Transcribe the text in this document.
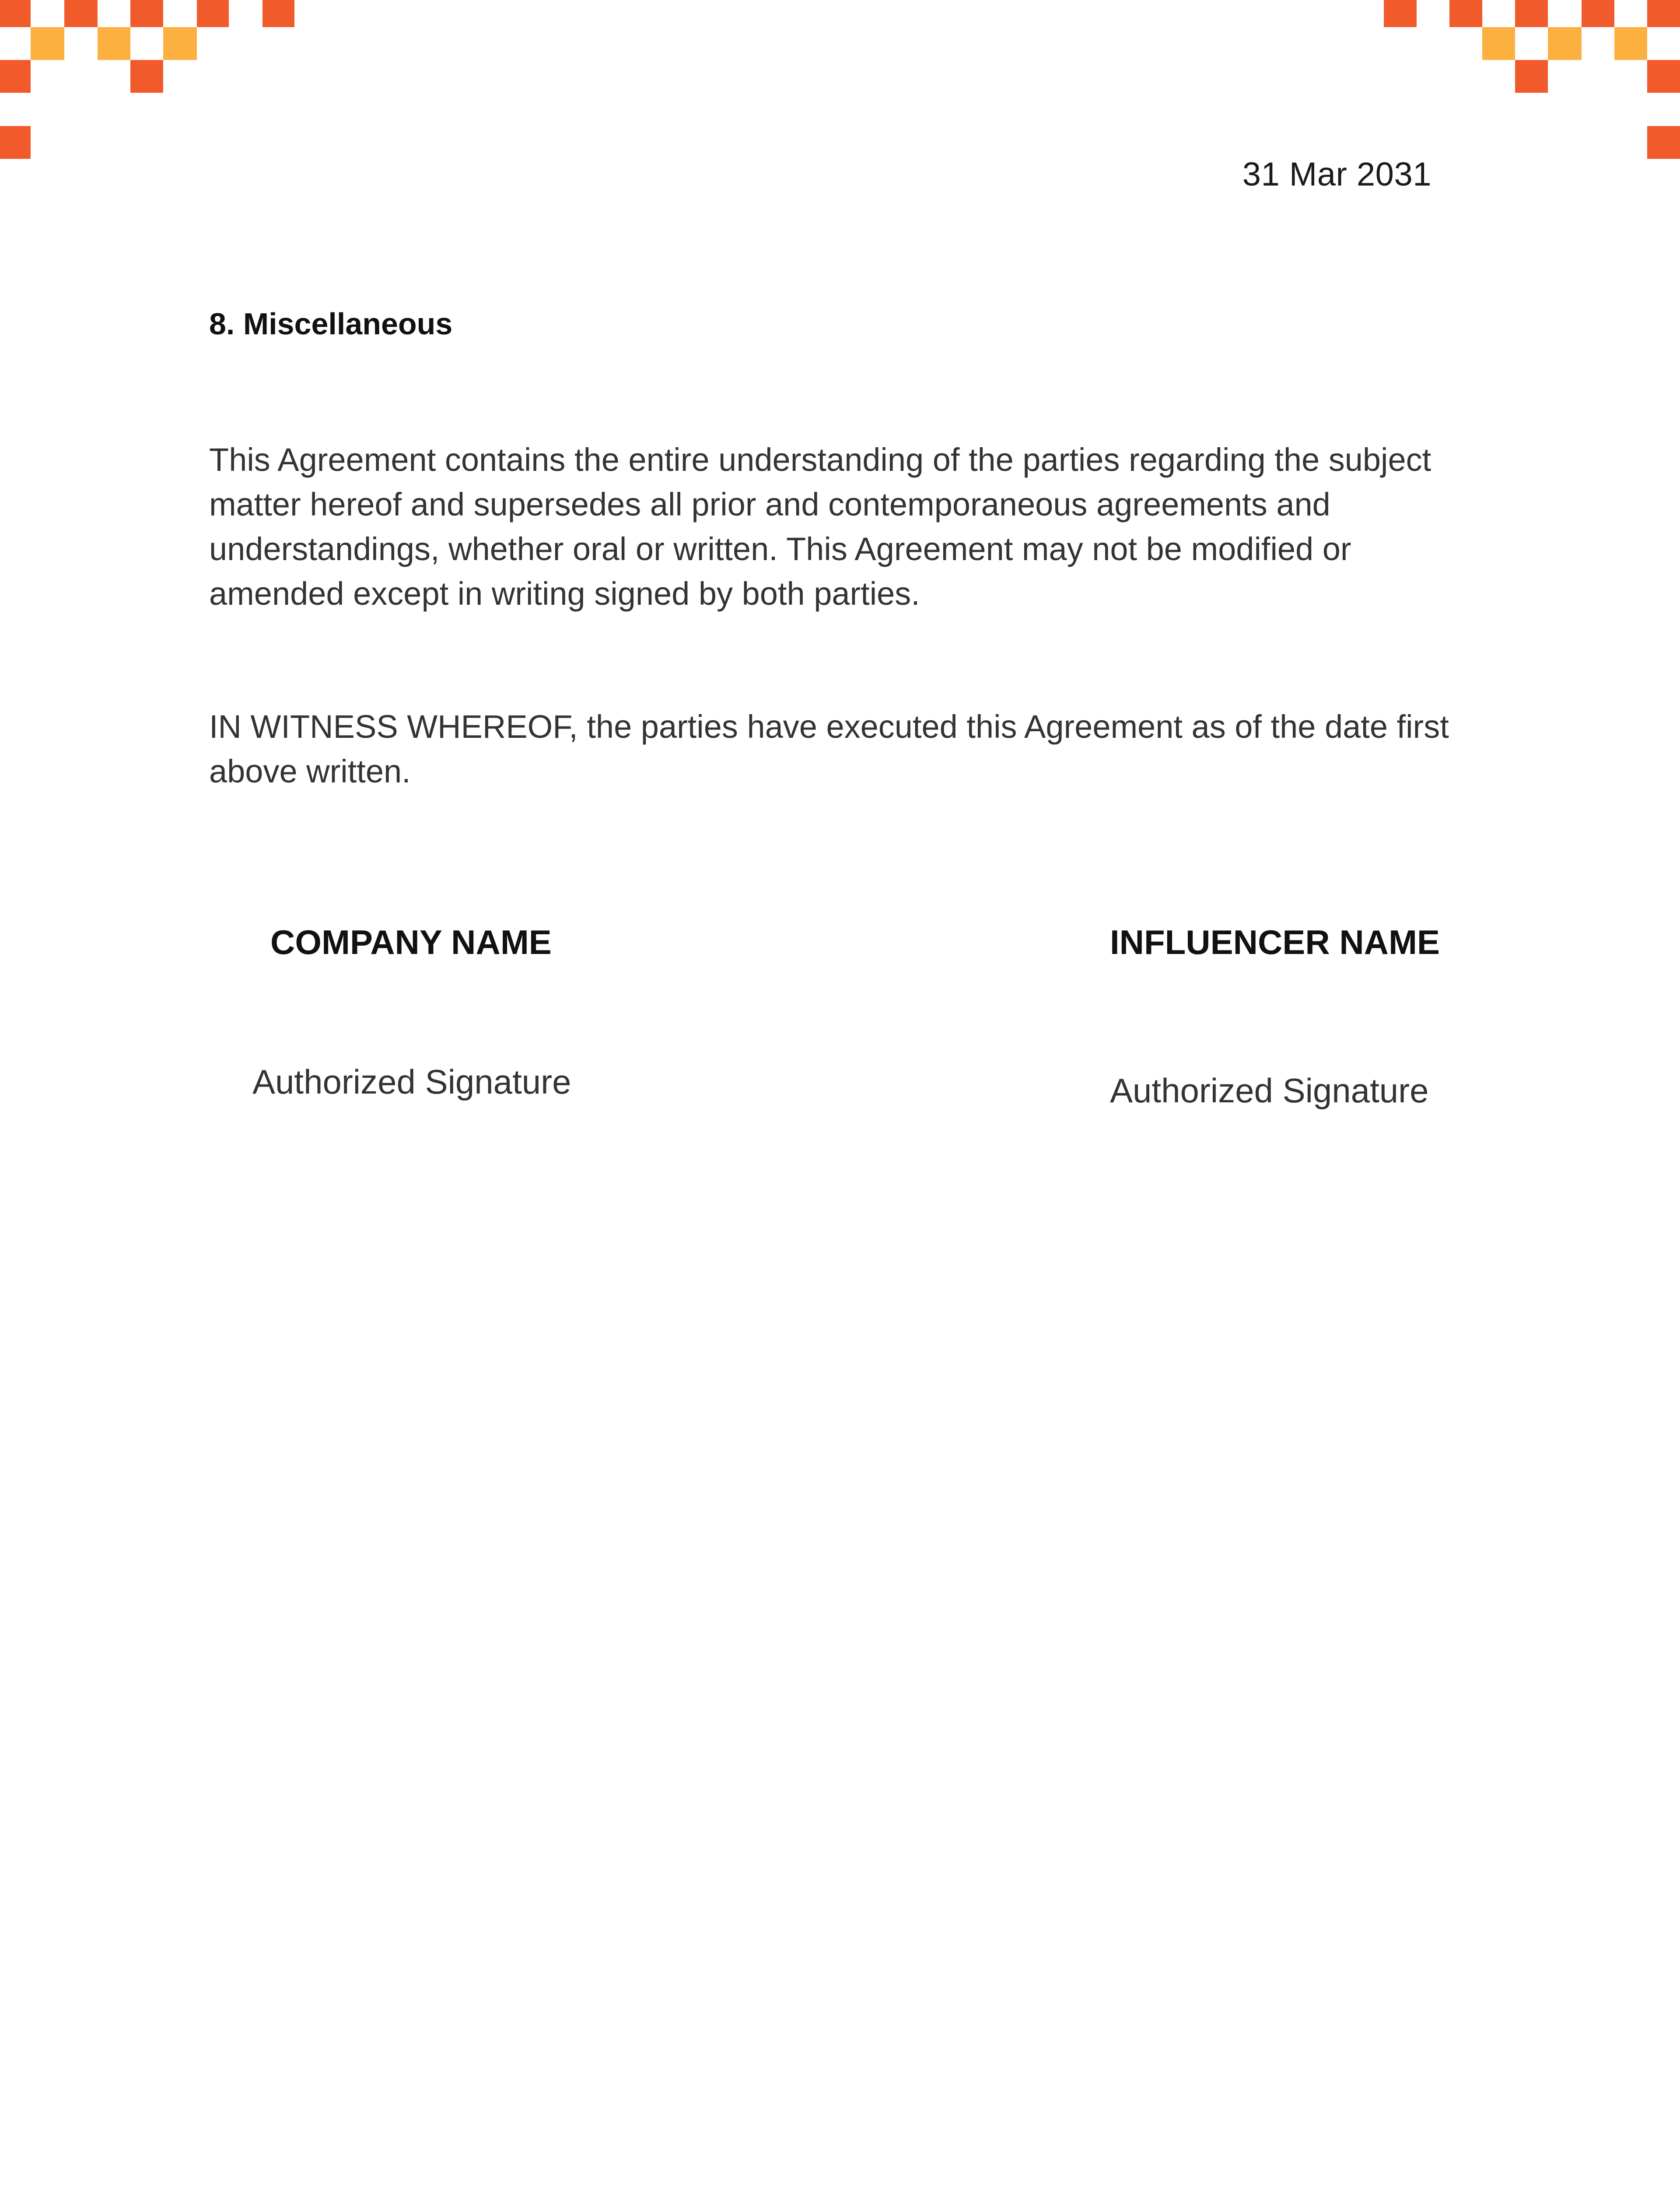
31 Mar 2031
8. Miscellaneous

This Agreement contains the entire understanding of the parties regarding the subject matter hereof and supersedes all prior and contemporaneous agreements and understandings, whether oral or written. This Agreement may not be modified or amended except in writing signed by both parties.

IN WITNESS WHEREOF, the parties have executed this Agreement as of the date first above written.

COMPANY NAME

Authorized Signature

INFLUENCER NAME

Authorized Signature
